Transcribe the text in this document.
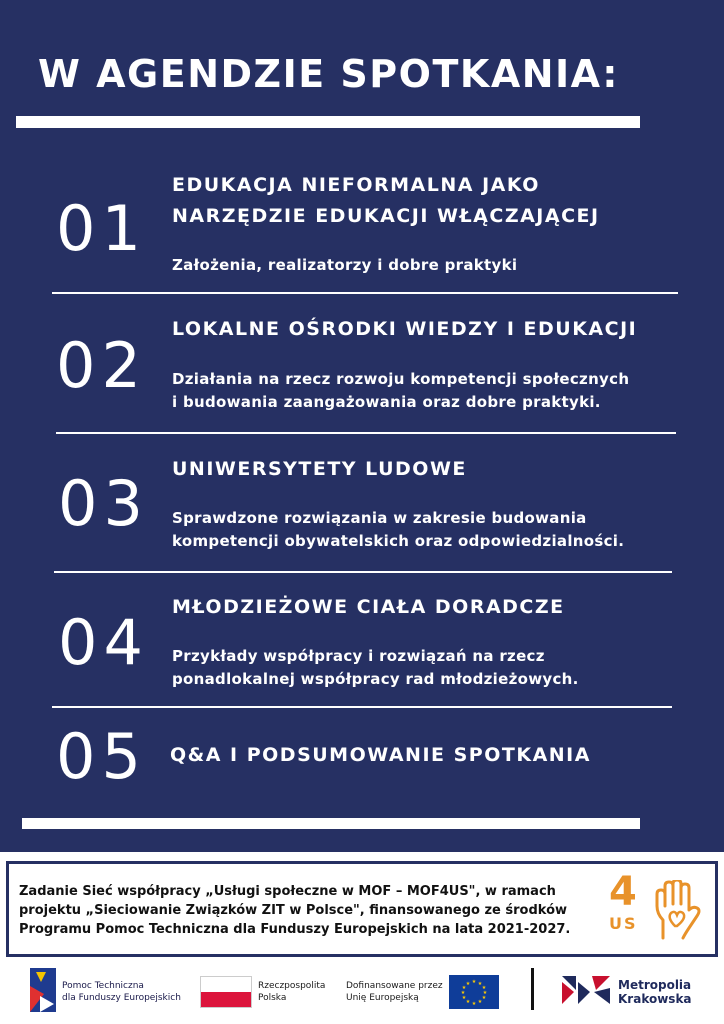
W AGENDZIE SPOTKANIA:
01
EDUKACJA NIEFORMALNA JAKO
NARZĘDZIE EDUKACJI WŁĄCZAJĄCEJ
Założenia, realizatorzy i dobre praktyki
02 LOKALNE OŚRODKI WIEDZY I EDUKACJI
Działania na rzecz rozwoju kompetencji społecznych
i budowania zaangażowania oraz dobre praktyki.
03 UNIWERSYTETY LUDOWE
Sprawdzone rozwiązania w zakresie budowania
kompetencji obywatelskich oraz odpowiedzialności.
04 MŁODZIEŻOWE CIAŁA DORADCZE
Przykłady współpracy i rozwiązań na rzecz
ponadlokalnej współpracy rad młodzieżowych.
05 Q&A I PODSUMOWANIE SPOTKANIA
Zadanie Sieć współpracy „Usługi społeczne w MOF – MOF4US", w ramach
projektu „Sieciowanie Związków ZIT w Polsce", finansowanego ze środków
Programu Pomoc Techniczna dla Funduszy Europejskich na lata 2021-2027.
4
US
Pomoc Techniczna
dla Funduszy Europejskich
Rzeczpospolita
Polska
Dofinansowane przez
Unię Europejską
★ ★
★
★
★
★
★
★
★
★
★
★	Metropolia
Krakowska
